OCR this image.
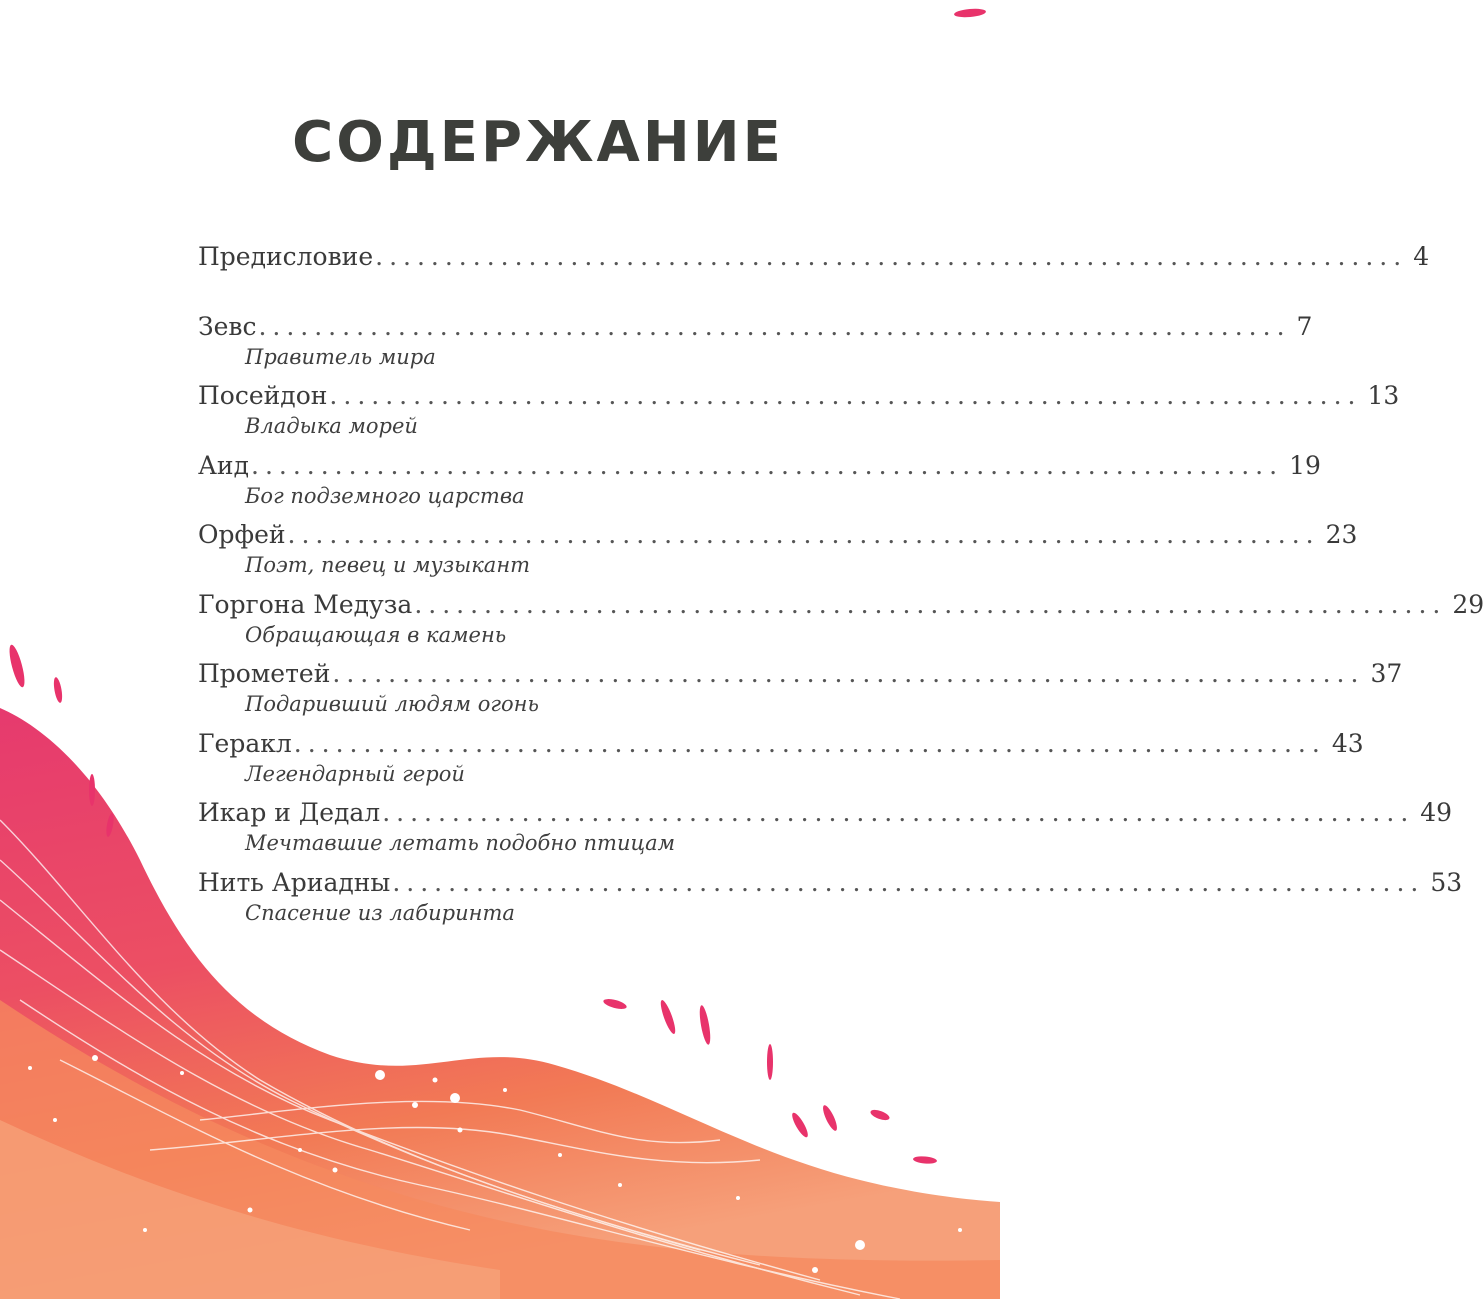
СОДЕРЖАНИЕ
Предисловие .......................................................................... 4
Зевс .......................................................................... 7
Правитель мира
Посейдон .......................................................................... 13
Владыка морей
Аид .......................................................................... 19
Бог подземного царства
Орфей .......................................................................... 23
Поэт, певец и музыкант
Горгона Медуза .......................................................................... 29
Обращающая в камень
Прометей .......................................................................... 37
Подаривший людям огонь
Геракл .......................................................................... 43
Легендарный герой
Икар и Дедал .......................................................................... 49
Мечтавшие летать подобно птицам
Нить Ариадны .......................................................................... 53
Спасение из лабиринта
